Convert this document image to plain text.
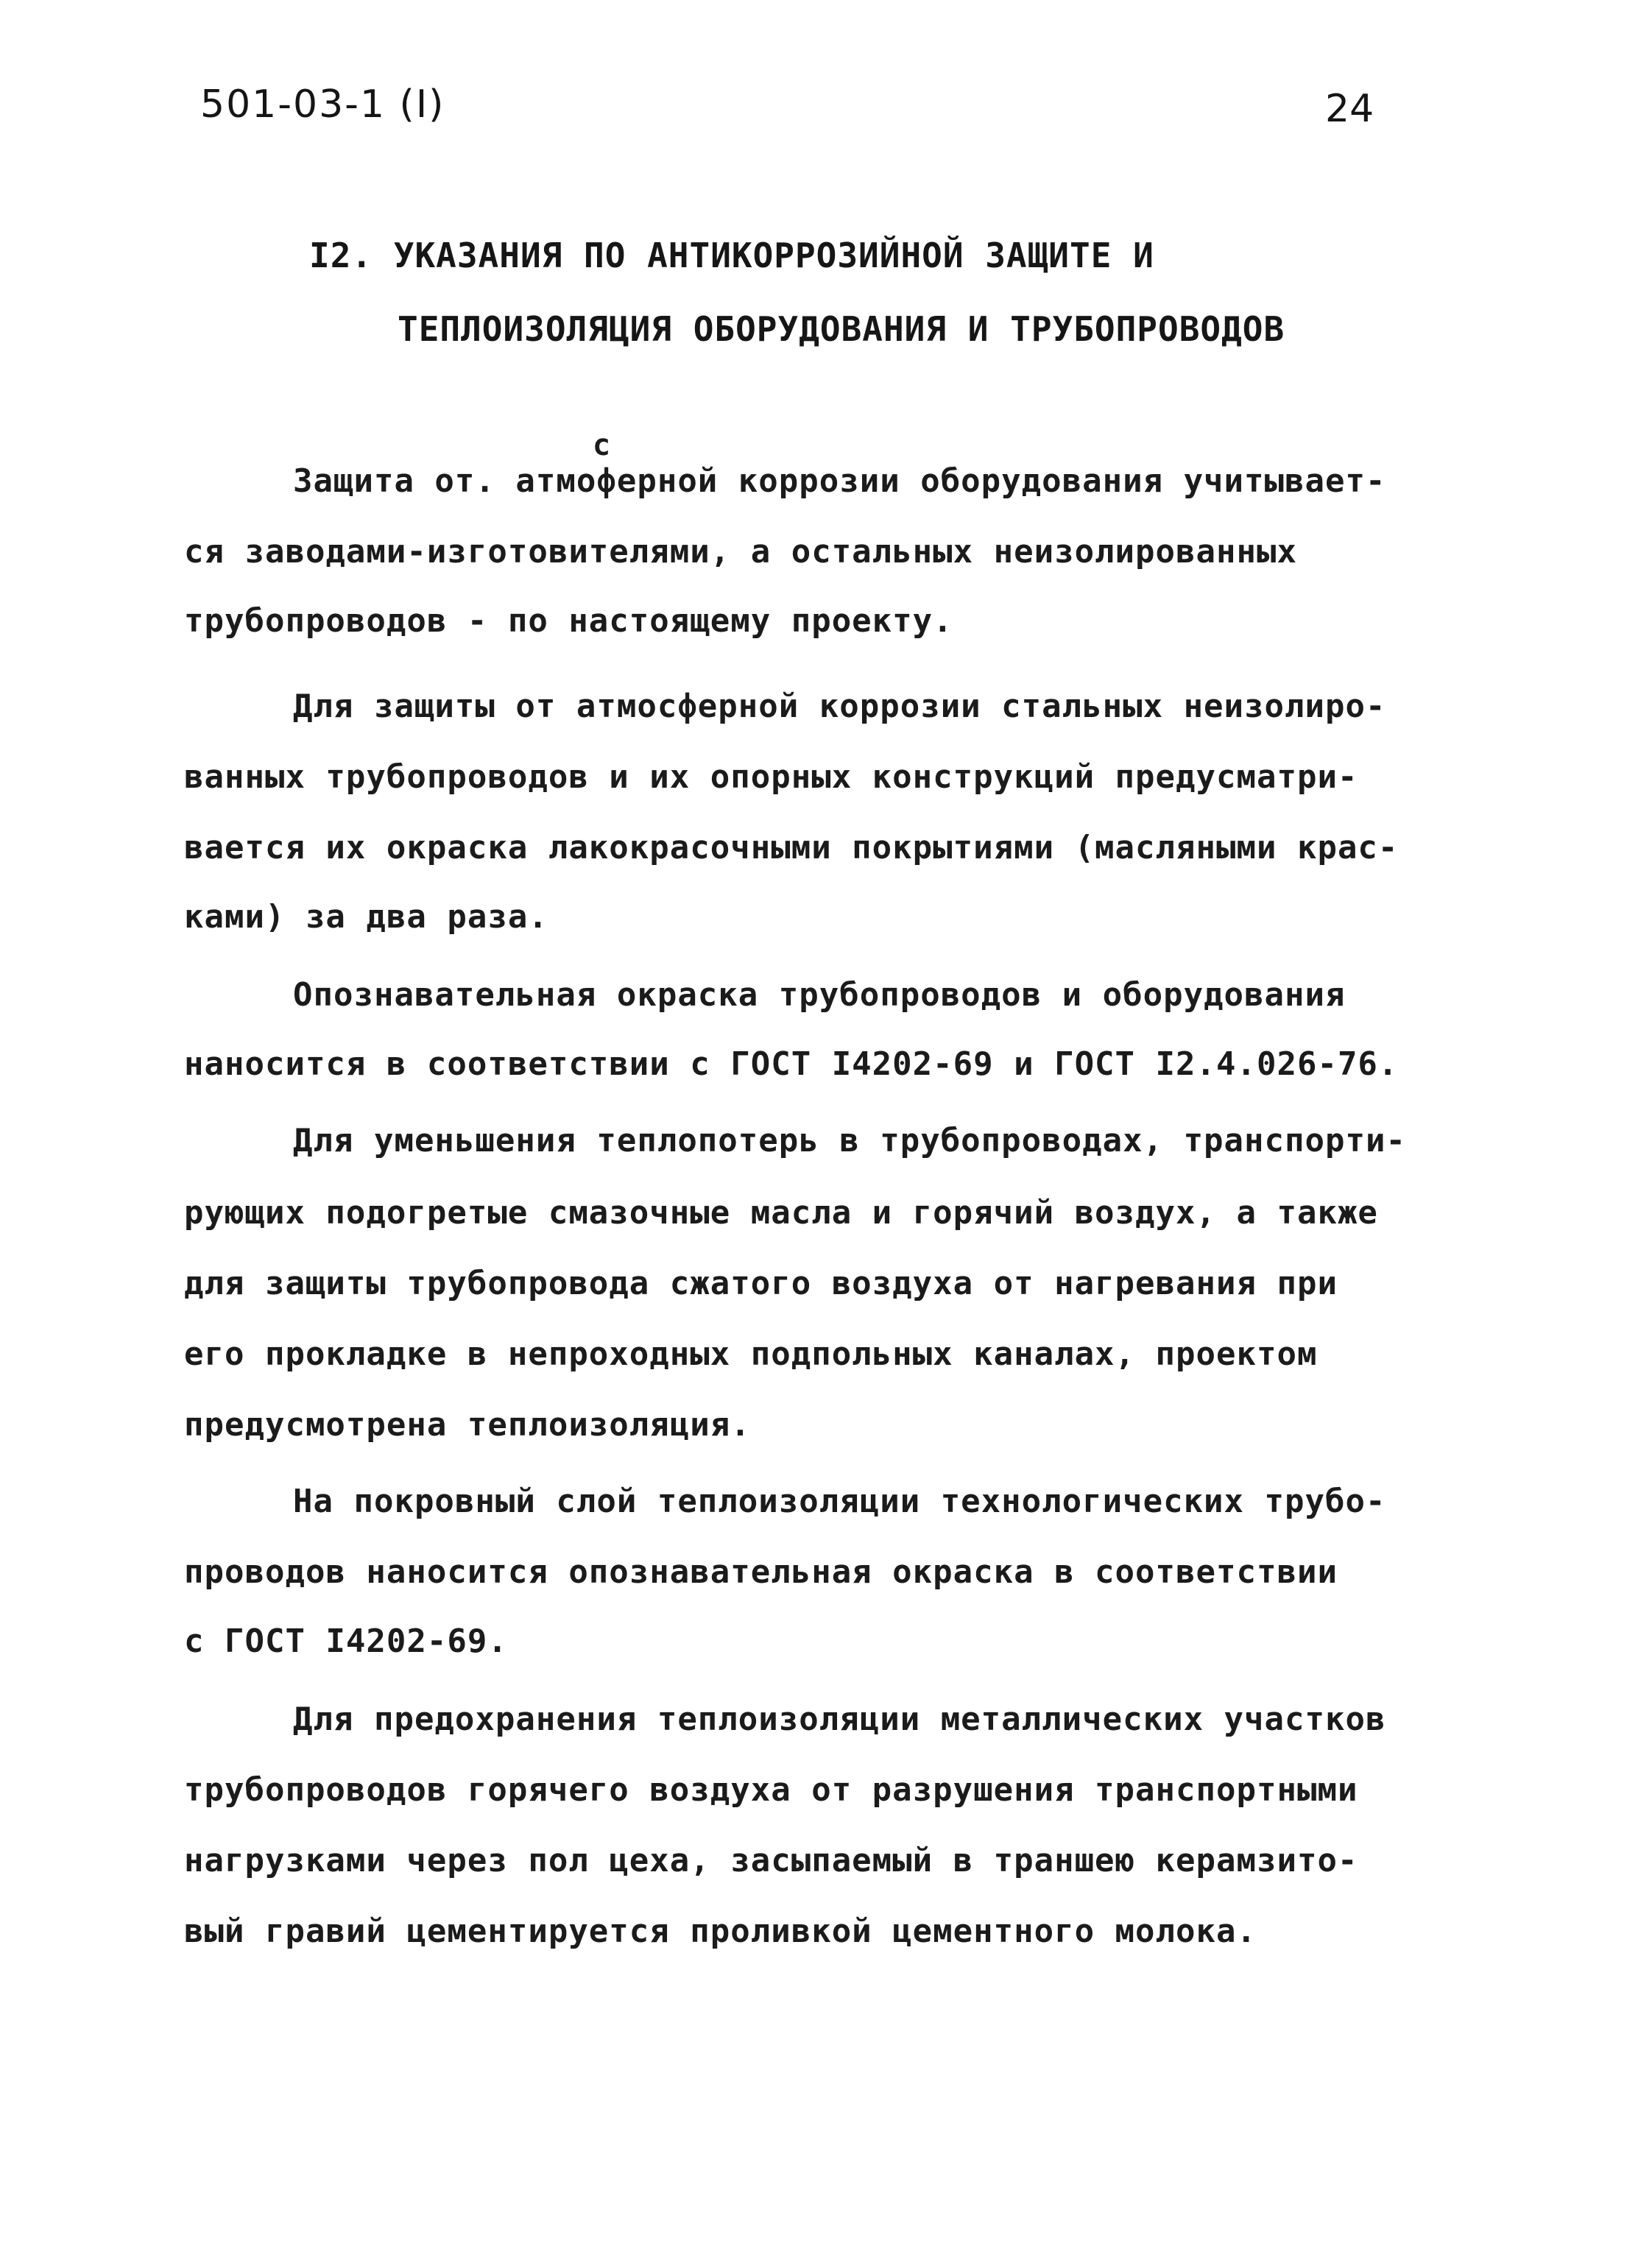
501-03-1 (I)	24
I2. УКАЗАНИЯ ПО АНТИКОРРОЗИЙНОЙ ЗАЩИТЕ И
ТЕПЛОИЗОЛЯЦИЯ ОБОРУДОВАНИЯ И ТРУБОПРОВОДОВ
с
Защита от. атмоферной коррозии оборудования учитывает-
ся заводами-изготовителями, а остальных неизолированных
трубопроводов - по настоящему проекту.
Для защиты от атмосферной коррозии стальных неизолиро-
ванных трубопроводов и их опорных конструкций предусматри-
вается их окраска лакокрасочными покрытиями (масляными крас-
ками) за два раза.
Опознавательная окраска трубопроводов и оборудования
наносится в соответствии с ГОСТ I4202-69 и ГОСТ I2.4.026-76.
Для уменьшения теплопотерь в трубопроводах, транспорти-
рующих подогретые смазочные масла и горячий воздух, а также
для защиты трубопровода сжатого воздуха от нагревания при
его прокладке в непроходных подпольных каналах, проектом
предусмотрена теплоизоляция.
На покровный слой теплоизоляции технологических трубо-
проводов наносится опознавательная окраска в соответствии
с ГОСТ I4202-69.
Для предохранения теплоизоляции металлических участков
трубопроводов горячего воздуха от разрушения транспортными
нагрузками через пол цеха, засыпаемый в траншею керамзито-
вый гравий цементируется проливкой цементного молока.
